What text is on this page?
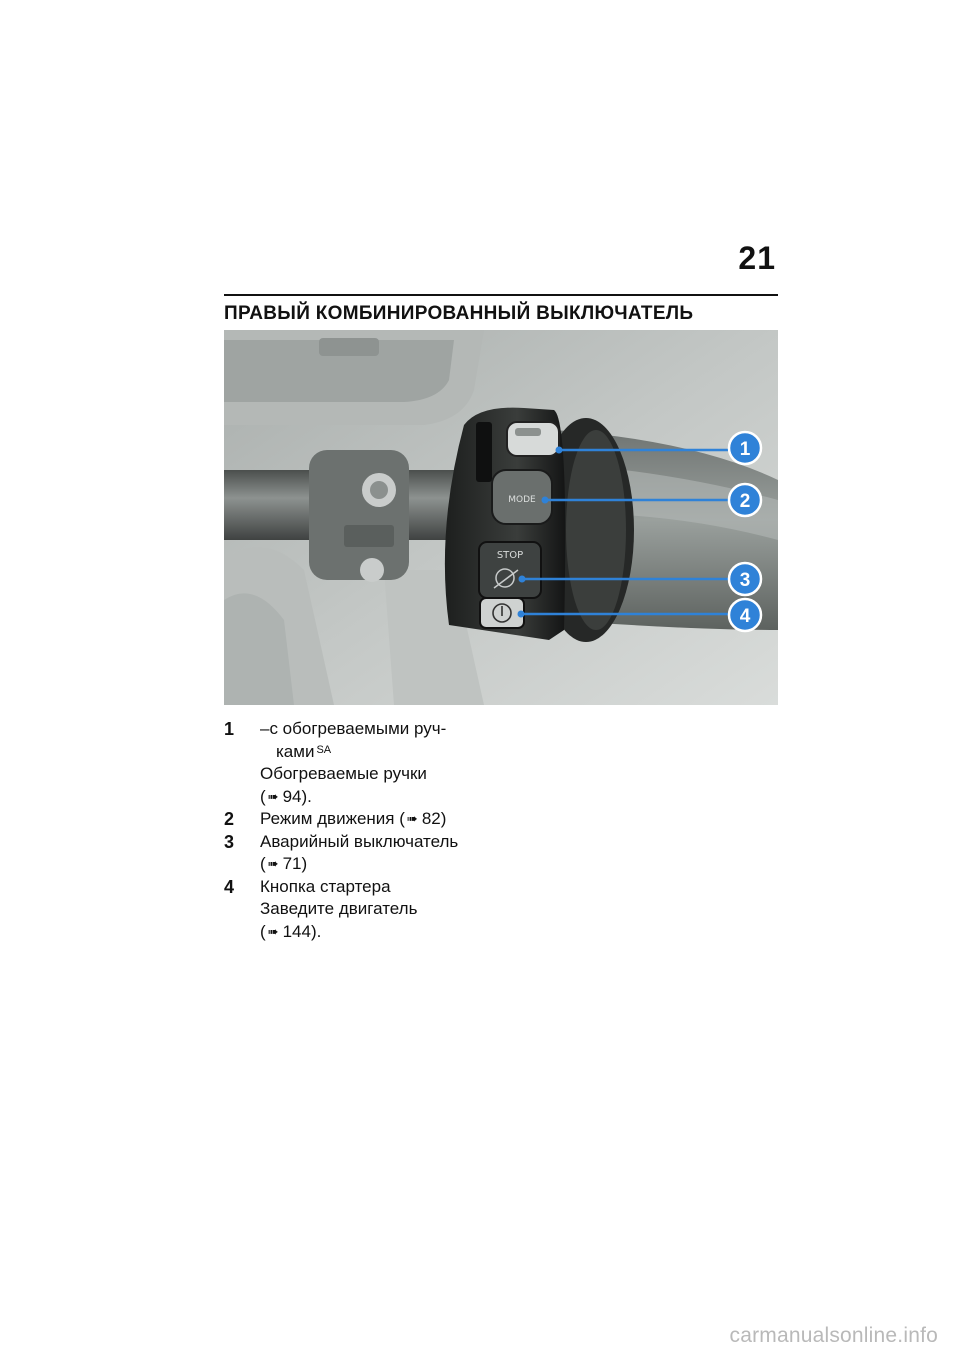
21
ПРАВЫЙ КОМБИНИРОВАННЫЙ ВЫКЛЮЧАТЕЛЬ
MODE
STOP
1
2
3
4
1 –с обогреваемыми руч-
ками $^{SA}$
Обогреваемые ручки
( ➠ 94).
2 Режим движения ( ➠ 82)
3 Аварийный выключатель
( ➠ 71)
4 Кнопка стартера
Заведите двигатель
( ➠ 144).
carmanualsonline.info
